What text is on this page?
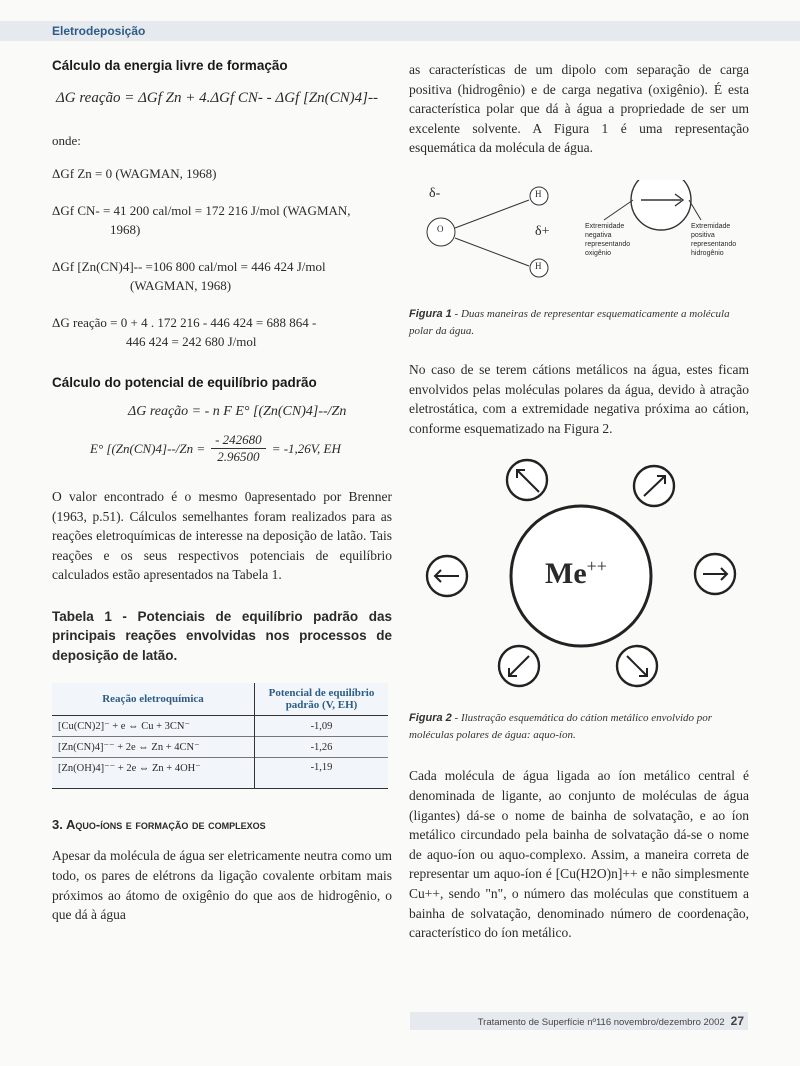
Eletrodeposição
Cálculo da energia livre de formação
ΔG reação = ΔGf Zn + 4.ΔGf CN- - ΔGf [Zn(CN)4]--
onde:
ΔGf Zn = 0 (WAGMAN, 1968)
ΔGf CN- = 41 200 cal/mol = 172 216 J/mol (WAGMAN,
1968)
ΔGf [Zn(CN)4]-- =106 800 cal/mol = 446 424 J/mol
(WAGMAN, 1968)
ΔG reação = 0 + 4 . 172 216 - 446 424 = 688 864 -
446 424 = 242 680 J/mol
Cálculo do potencial de equilíbrio padrão
ΔG reação = - n F E° [(Zn(CN)4]--/Zn
E° [$(Zn(CN)4]--/Zn = \frac{- 242680}{2.96500} = -1,26V$, EH

O valor encontrado é o mesmo 0apresentado por Brenner (1963, p.51). Cálculos semelhantes foram realizados para as reações eletroquímicas de interesse na deposição de latão. Tais reações e os seus respectivos potenciais de equilíbrio calculados estão apresentados na Tabela 1.

Tabela 1 - Potenciais de equilíbrio padrão das principais reações envolvidas nos processos de deposição de latão.
Reação eletroquímica	Potencial de equilíbrio padrão (V, EH)
[Cu(CN)2]⁻ + e ⇔ Cu + 3CN⁻	-1,09
[Zn(CN)4]⁻⁻ + 2e ⇔ Zn + 4CN⁻	-1,26
[Zn(OH)4]⁻⁻ + 2e ⇔ Zn + 4OH⁻	-1,19
3. Aquo-íons e formação de complexos

Apesar da molécula de água ser eletricamente neutra como um todo, os pares de elétrons da ligação covalente orbitam mais próximos ao átomo de oxigênio do que aos de hidrogênio, o que dá à água

as características de um dipolo com separação de carga positiva (hidrogênio) e de carga negativa (oxigênio). É esta característica polar que dá à água a propriedade de ser um excelente solvente. A Figura 1 é uma representação esquemática da molécula de água.

O
H
H
δ-
δ+	Extremidade negativa representando oxigênio
Extremidade positiva representando hidrogênio
Figura 1 - Duas maneiras de representar esquematicamente a molécula polar da água.

No caso de se terem cátions metálicos na água, estes ficam envolvidos pelas moléculas polares da água, devido à atração eletrostática, com a extremidade negativa próxima ao cátion, conforme esquematizado na Figura 2.

Me++
Figura 2 - Ilustração esquemática do cátion metálico envolvido por moléculas polares de água: aquo-íon.

Cada molécula de água ligada ao íon metálico central é denominada de ligante, ao conjunto de moléculas de água (ligantes) dá-se o nome de bainha de solvatação, e ao íon metálico circundado pela bainha de solvatação dá-se o nome de aquo-íon ou aquo-complexo. Assim, a maneira correta de representar um aquo-íon é [Cu(H2O)n]++ e não simplesmente Cu++, sendo "n", o número das moléculas que constituem a bainha de solvatação, denominado número de coordenação, característico do íon metálico.

Tratamento de Superfície nº116 novembro/dezembro 2002 27
